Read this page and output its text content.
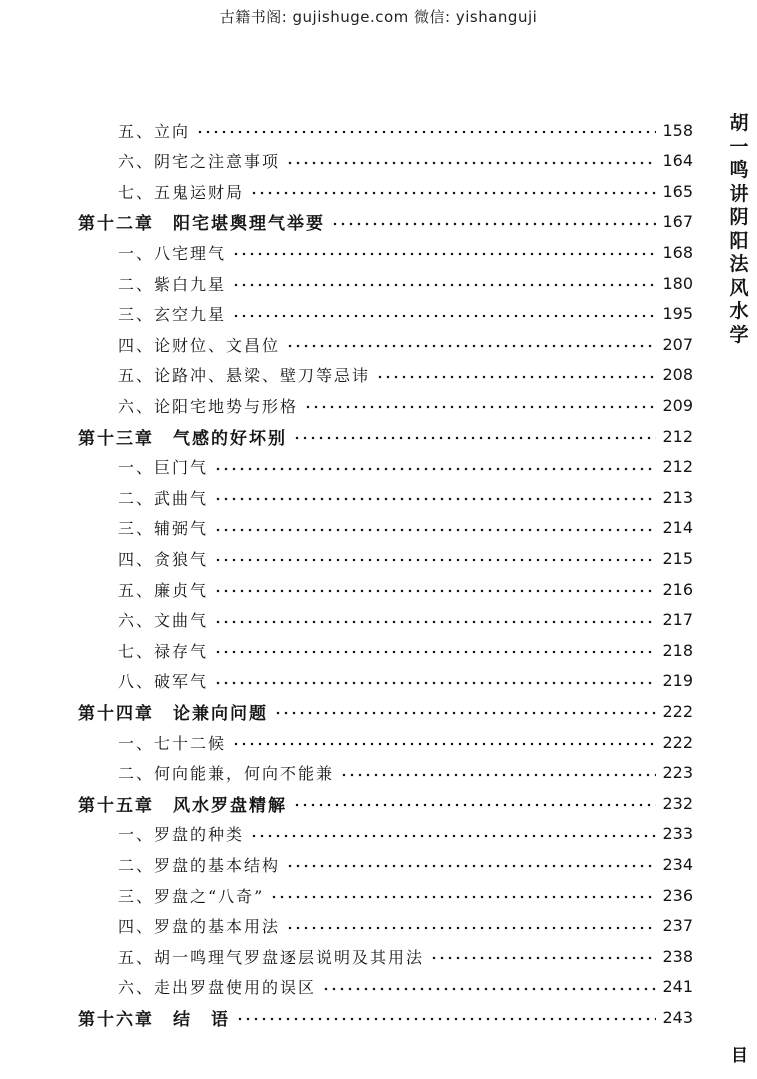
古籍书阁: gujishuge.com 微信: yishanguji
五、立向	158
六、阴宅之注意事项	164
七、五鬼运财局	165
第十二章　阳宅堪舆理气举要	167
一、八宅理气	168
二、紫白九星	180
三、玄空九星	195
四、论财位、文昌位	207
五、论路冲、悬梁、壁刀等忌讳	208
六、论阳宅地势与形格	209
第十三章　气感的好坏别	212
一、巨门气	212
二、武曲气	213
三、辅弼气	214
四、贪狼气	215
五、廉贞气	216
六、文曲气	217
七、禄存气	218
八、破军气	219
第十四章　论兼向问题	222
一、七十二候	222
二、何向能兼，何向不能兼	223
第十五章　风水罗盘精解	232
一、罗盘的种类	233
二、罗盘的基本结构	234
三、罗盘之“八奇”	236
四、罗盘的基本用法	237
五、胡一鸣理气罗盘逐层说明及其用法	238
六、走出罗盘使用的误区	241
第十六章　结　语	243
胡
一
鸣
讲
阴
阳
法
风
水
学
目
